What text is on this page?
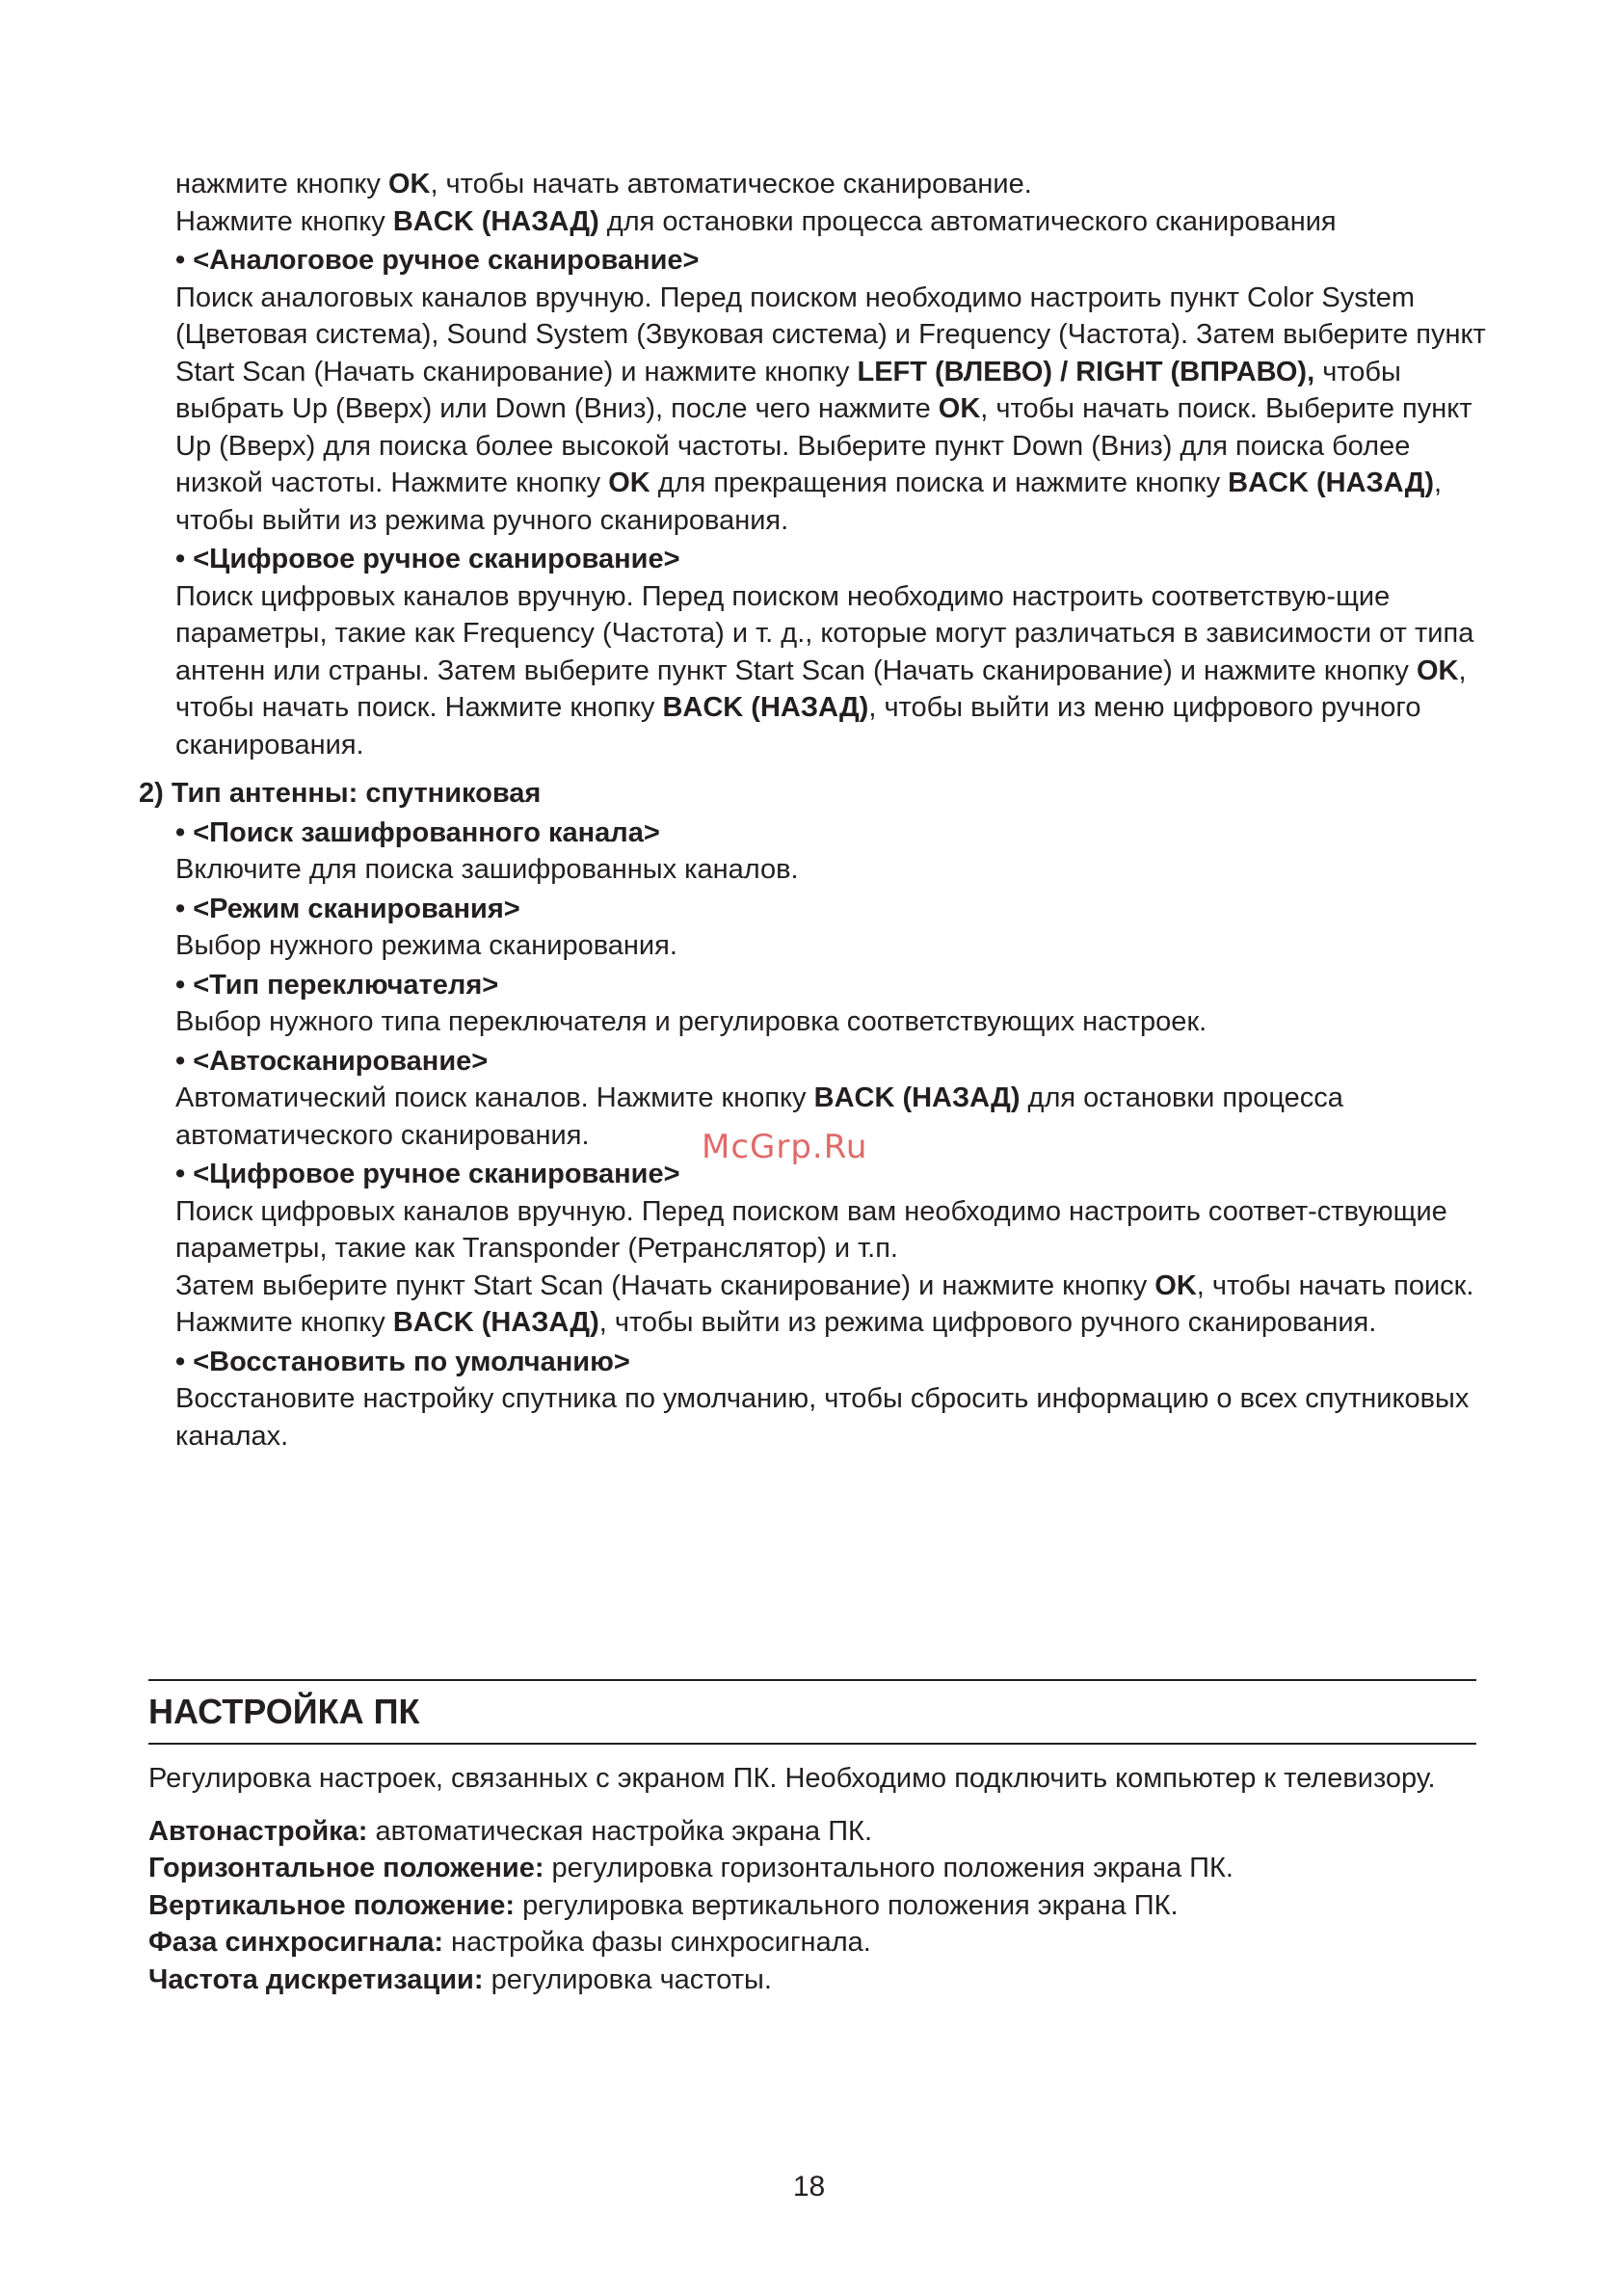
нажмите кнопку OK, чтобы начать автоматическое сканирование.

Нажмите кнопку BACK (НАЗАД) для остановки процесса автоматического сканирования

• <Аналоговое ручное сканирование>

Поиск аналоговых каналов вручную. Перед поиском необходимо настроить пункт Color System (Цветовая система), Sound System (Звуковая система) и Frequency (Частота). Затем выберите пункт Start Scan (Начать сканирование) и нажмите кнопку LEFT (ВЛЕВО) / RIGHT (ВПРАВО), чтобы выбрать Up (Вверх) или Down (Вниз), после чего нажмите OK, чтобы начать поиск. Выберите пункт Up (Вверх) для поиска более высокой частоты. Выберите пункт Down (Вниз) для поиска более низкой частоты. Нажмите кнопку OK для прекращения поиска и нажмите кнопку BACK (НАЗАД), чтобы выйти из режима ручного сканирования.

• <Цифровое ручное сканирование>

Поиск цифровых каналов вручную. Перед поиском необходимо настроить соответствую-щие параметры, такие как Frequency (Частота) и т. д., которые могут различаться в зависимости от типа антенн или страны. Затем выберите пункт Start Scan (Начать сканирование) и нажмите кнопку OK, чтобы начать поиск. Нажмите кнопку BACK (НАЗАД), чтобы выйти из меню цифрового ручного сканирования.

2) Тип антенны: спутниковая

• <Поиск зашифрованного канала>

Включите для поиска зашифрованных каналов.

• <Режим сканирования>

Выбор нужного режима сканирования.

• <Тип переключателя>

Выбор нужного типа переключателя и регулировка соответствующих настроек.

• <Автосканирование>

Автоматический поиск каналов. Нажмите кнопку BACK (НАЗАД) для остановки процесса автоматического сканирования.

• <Цифровое ручное сканирование>

Поиск цифровых каналов вручную. Перед поиском вам необходимо настроить соответ-ствующие параметры, такие как Transponder (Ретранслятор) и т.п.

Затем выберите пункт Start Scan (Начать сканирование) и нажмите кнопку OK, чтобы начать поиск. Нажмите кнопку BACK (НАЗАД), чтобы выйти из режима цифрового ручного сканирования.

• <Восстановить по умолчанию>

Восстановите настройку спутника по умолчанию, чтобы сбросить информацию о всех спутниковых каналах.

McGrp.Ru
НАСТРОЙКА ПК

Регулировка настроек, связанных с экраном ПК. Необходимо подключить компьютер к телевизору.

Автонастройка: автоматическая настройка экрана ПК.

Горизонтальное положение: регулировка горизонтального положения экрана ПК.

Вертикальное положение: регулировка вертикального положения экрана ПК.

Фаза синхросигнала: настройка фазы синхросигнала.

Частота дискретизации: регулировка частоты.

18
